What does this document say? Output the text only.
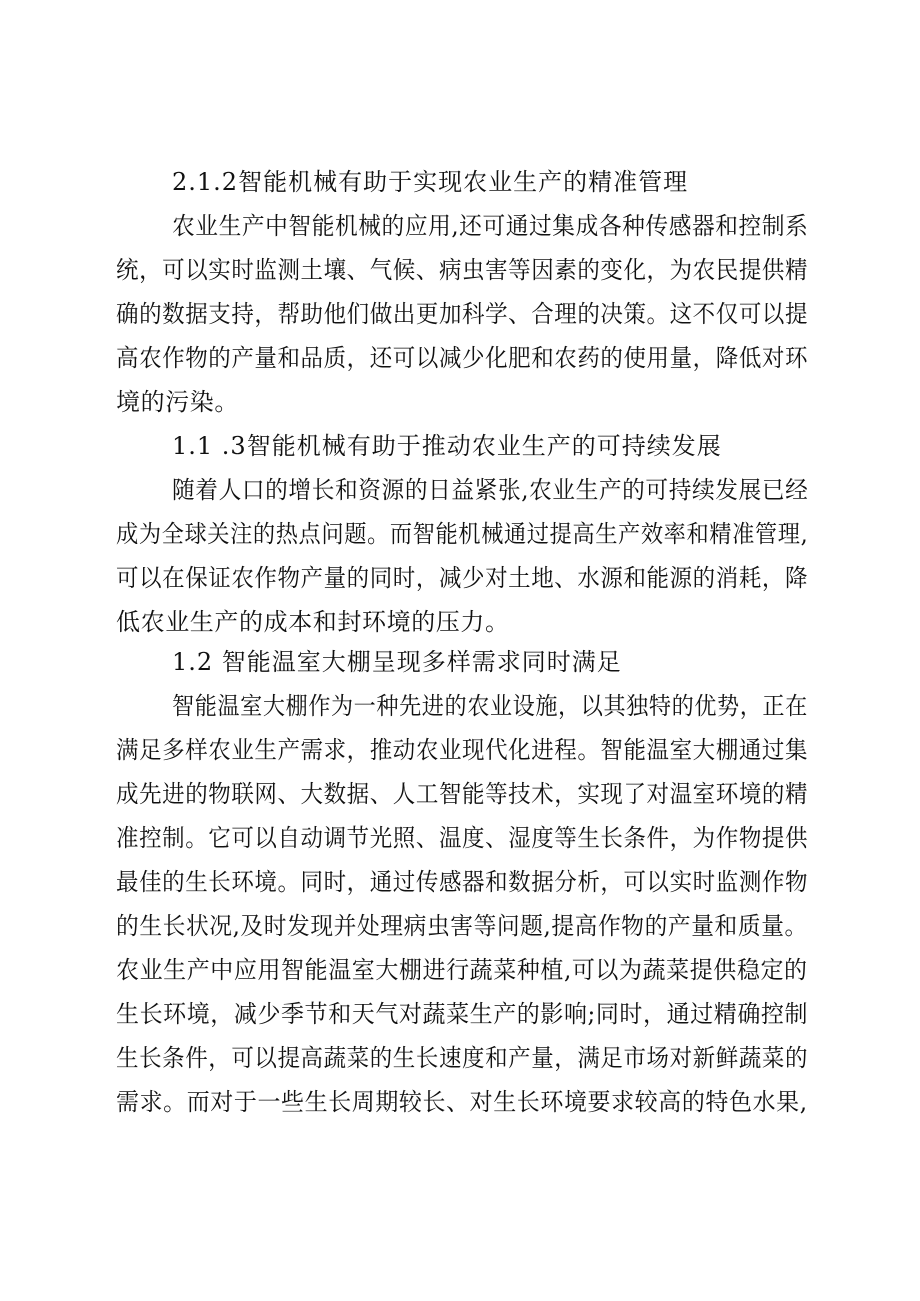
2.1.2智能机械有助于实现农业生产的精准管理
农业生产中智能机械的应用,还可通过集成各种传感器和控制系
统，可以实时监测土壤、气候、病虫害等因素的变化，为农民提供精
确的数据支持，帮助他们做出更加科学、合理的决策。这不仅可以提
高农作物的产量和品质，还可以减少化肥和农药的使用量，降低对环
境的污染。
1.1 .3智能机械有助于推动农业生产的可持续发展
随着人口的增长和资源的日益紧张,农业生产的可持续发展已经
成为全球关注的热点问题。而智能机械通过提高生产效率和精准管理,
可以在保证农作物产量的同时，减少对土地、水源和能源的消耗，降
低农业生产的成本和封环境的压力。
1.2 智能温室大棚呈现多样需求同时满足
智能温室大棚作为一种先进的农业设施，以其独特的优势，正在
满足多样农业生产需求，推动农业现代化进程。智能温室大棚通过集
成先进的物联网、大数据、人工智能等技术，实现了对温室环境的精
准控制。它可以自动调节光照、温度、湿度等生长条件，为作物提供
最佳的生长环境。同时，通过传感器和数据分析，可以实时监测作物
的生长状况,及时发现并处理病虫害等问题,提高作物的产量和质量。
农业生产中应用智能温室大棚进行蔬菜种植,可以为蔬菜提供稳定的
生长环境，减少季节和天气对蔬菜生产的影响;同时，通过精确控制
生长条件，可以提高蔬菜的生长速度和产量，满足市场对新鲜蔬菜的
需求。而对于一些生长周期较长、对生长环境要求较高的特色水果,
